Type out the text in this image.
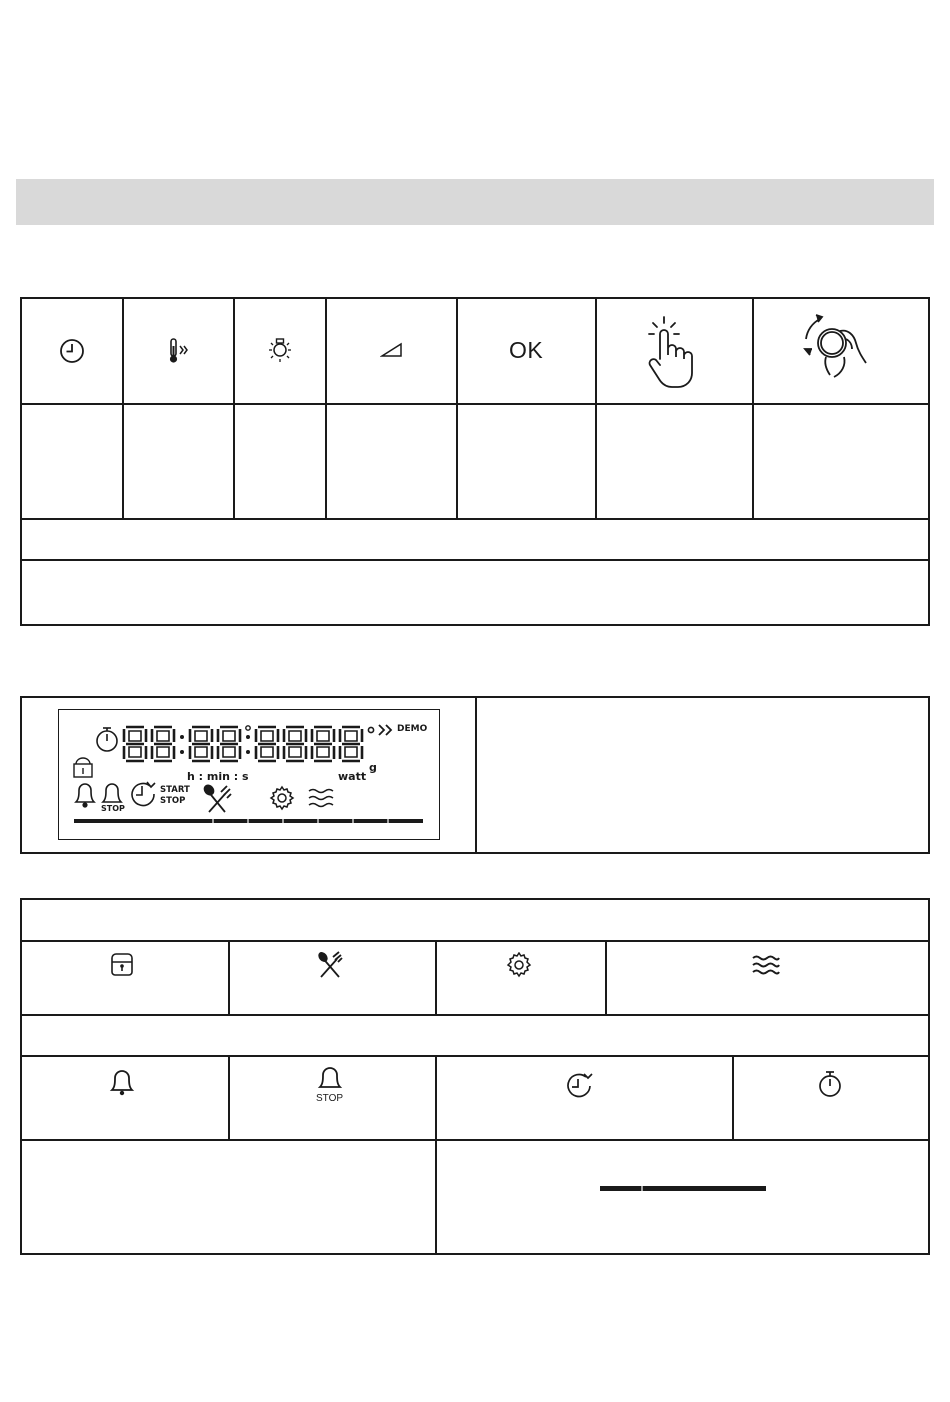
OK
DEMO
h : min : s	watt
g
START
STOP
STOP
STOP
